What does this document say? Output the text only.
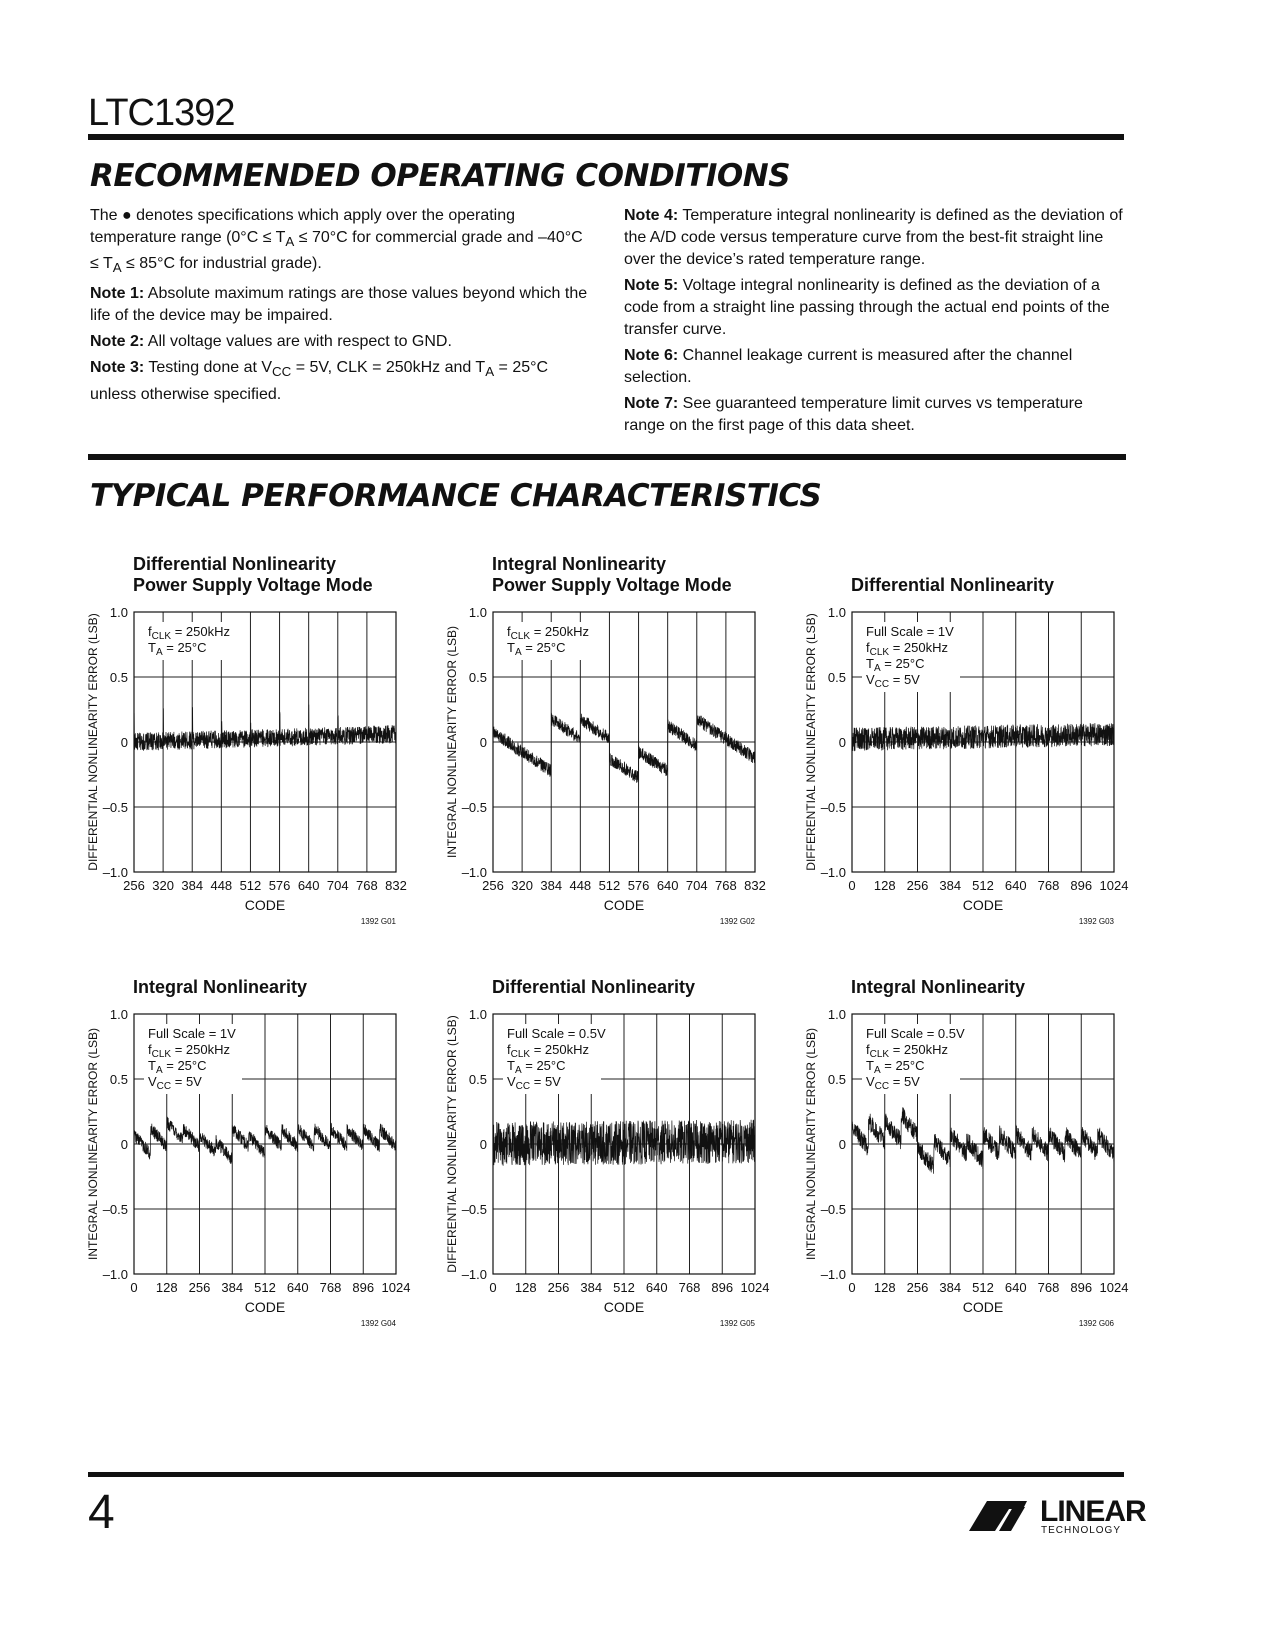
LTC1392
RECOMMENDED OPERATING CONDITIONS

The ● denotes specifications which apply over the operating temperature range ($0^\circ C \le T_A \le 70^\circ C$ for commercial grade and $-40^\circ C \le T_A \le 85^\circ C$ for industrial grade).

Note 1: Absolute maximum ratings are those values beyond which the life of the device may be impaired.

Note 2: All voltage values are with respect to GND.

Note 3: Testing done at $V_{CC} = 5V$, CLK = 250kHz and $T_A = 25^\circ C$ unless otherwise specified.

Note 4: Temperature integral nonlinearity is defined as the deviation of the A/D code versus temperature curve from the best-fit straight line over the device’s rated temperature range.

Note 5: Voltage integral nonlinearity is defined as the deviation of a code from a straight line passing through the actual end points of the transfer curve.

Note 6: Channel leakage current is measured after the channel selection.

Note 7: See guaranteed temperature limit curves vs temperature range on the first page of this data sheet.

TYPICAL PERFORMANCE CHARACTERISTICS
Differential Nonlinearity
Power Supply Voltage Mode
256 320 384 448 512 576 640 704 768 832
1.0
0.5
0
–0.5
–1.0
CODE
DIFFERENTIAL NONLINEARITY ERROR (LSB)
1392 G01
$f_{CLK} = 250kHz$
$T_A = 25^\circ C$
Integral Nonlinearity
Power Supply Voltage Mode
256 320 384 448 512 576 640 704 768 832
1.0
0.5
0
–0.5
–1.0
CODE
INTEGRAL NONLINEARITY ERROR (LSB)
1392 G02
$f_{CLK} = 250kHz$
$T_A = 25^\circ C$
Differential Nonlinearity
0 128 256 384 512 640 768 896 1024
1.0
0.5
0
–0.5
–1.0
CODE
DIFFERENTIAL NONLINEARITY ERROR (LSB)
1392 G03
Full Scale = 1V
$f_{CLK} = 250kHz$
$T_A = 25^\circ C$
$V_{CC} = 5V$
Integral Nonlinearity
0 128 256 384 512 640 768 896 1024
1.0
0.5
0
–0.5
–1.0
CODE
INTEGRAL NONLINEARITY ERROR (LSB)
1392 G04
Full Scale = 1V
$f_{CLK} = 250kHz$
$T_A = 25^\circ C$
$V_{CC} = 5V$
Differential Nonlinearity
0 128 256 384 512 640 768 896 1024
1.0
0.5
0
–0.5
–1.0
CODE
DIFFERENTIAL NONLINEARITY ERROR (LSB)
1392 G05
Full Scale = 0.5V
$f_{CLK} = 250kHz$
$T_A = 25^\circ C$
$V_{CC} = 5V$
Integral Nonlinearity
0 128 256 384 512 640 768 896 1024
1.0
0.5
0
–0.5
–1.0
CODE
INTEGRAL NONLINEARITY ERROR (LSB)
1392 G06
Full Scale = 0.5V
$f_{CLK} = 250kHz$
$T_A = 25^\circ C$
$V_{CC} = 5V$
4	LINEAR
TECHNOLOGY
